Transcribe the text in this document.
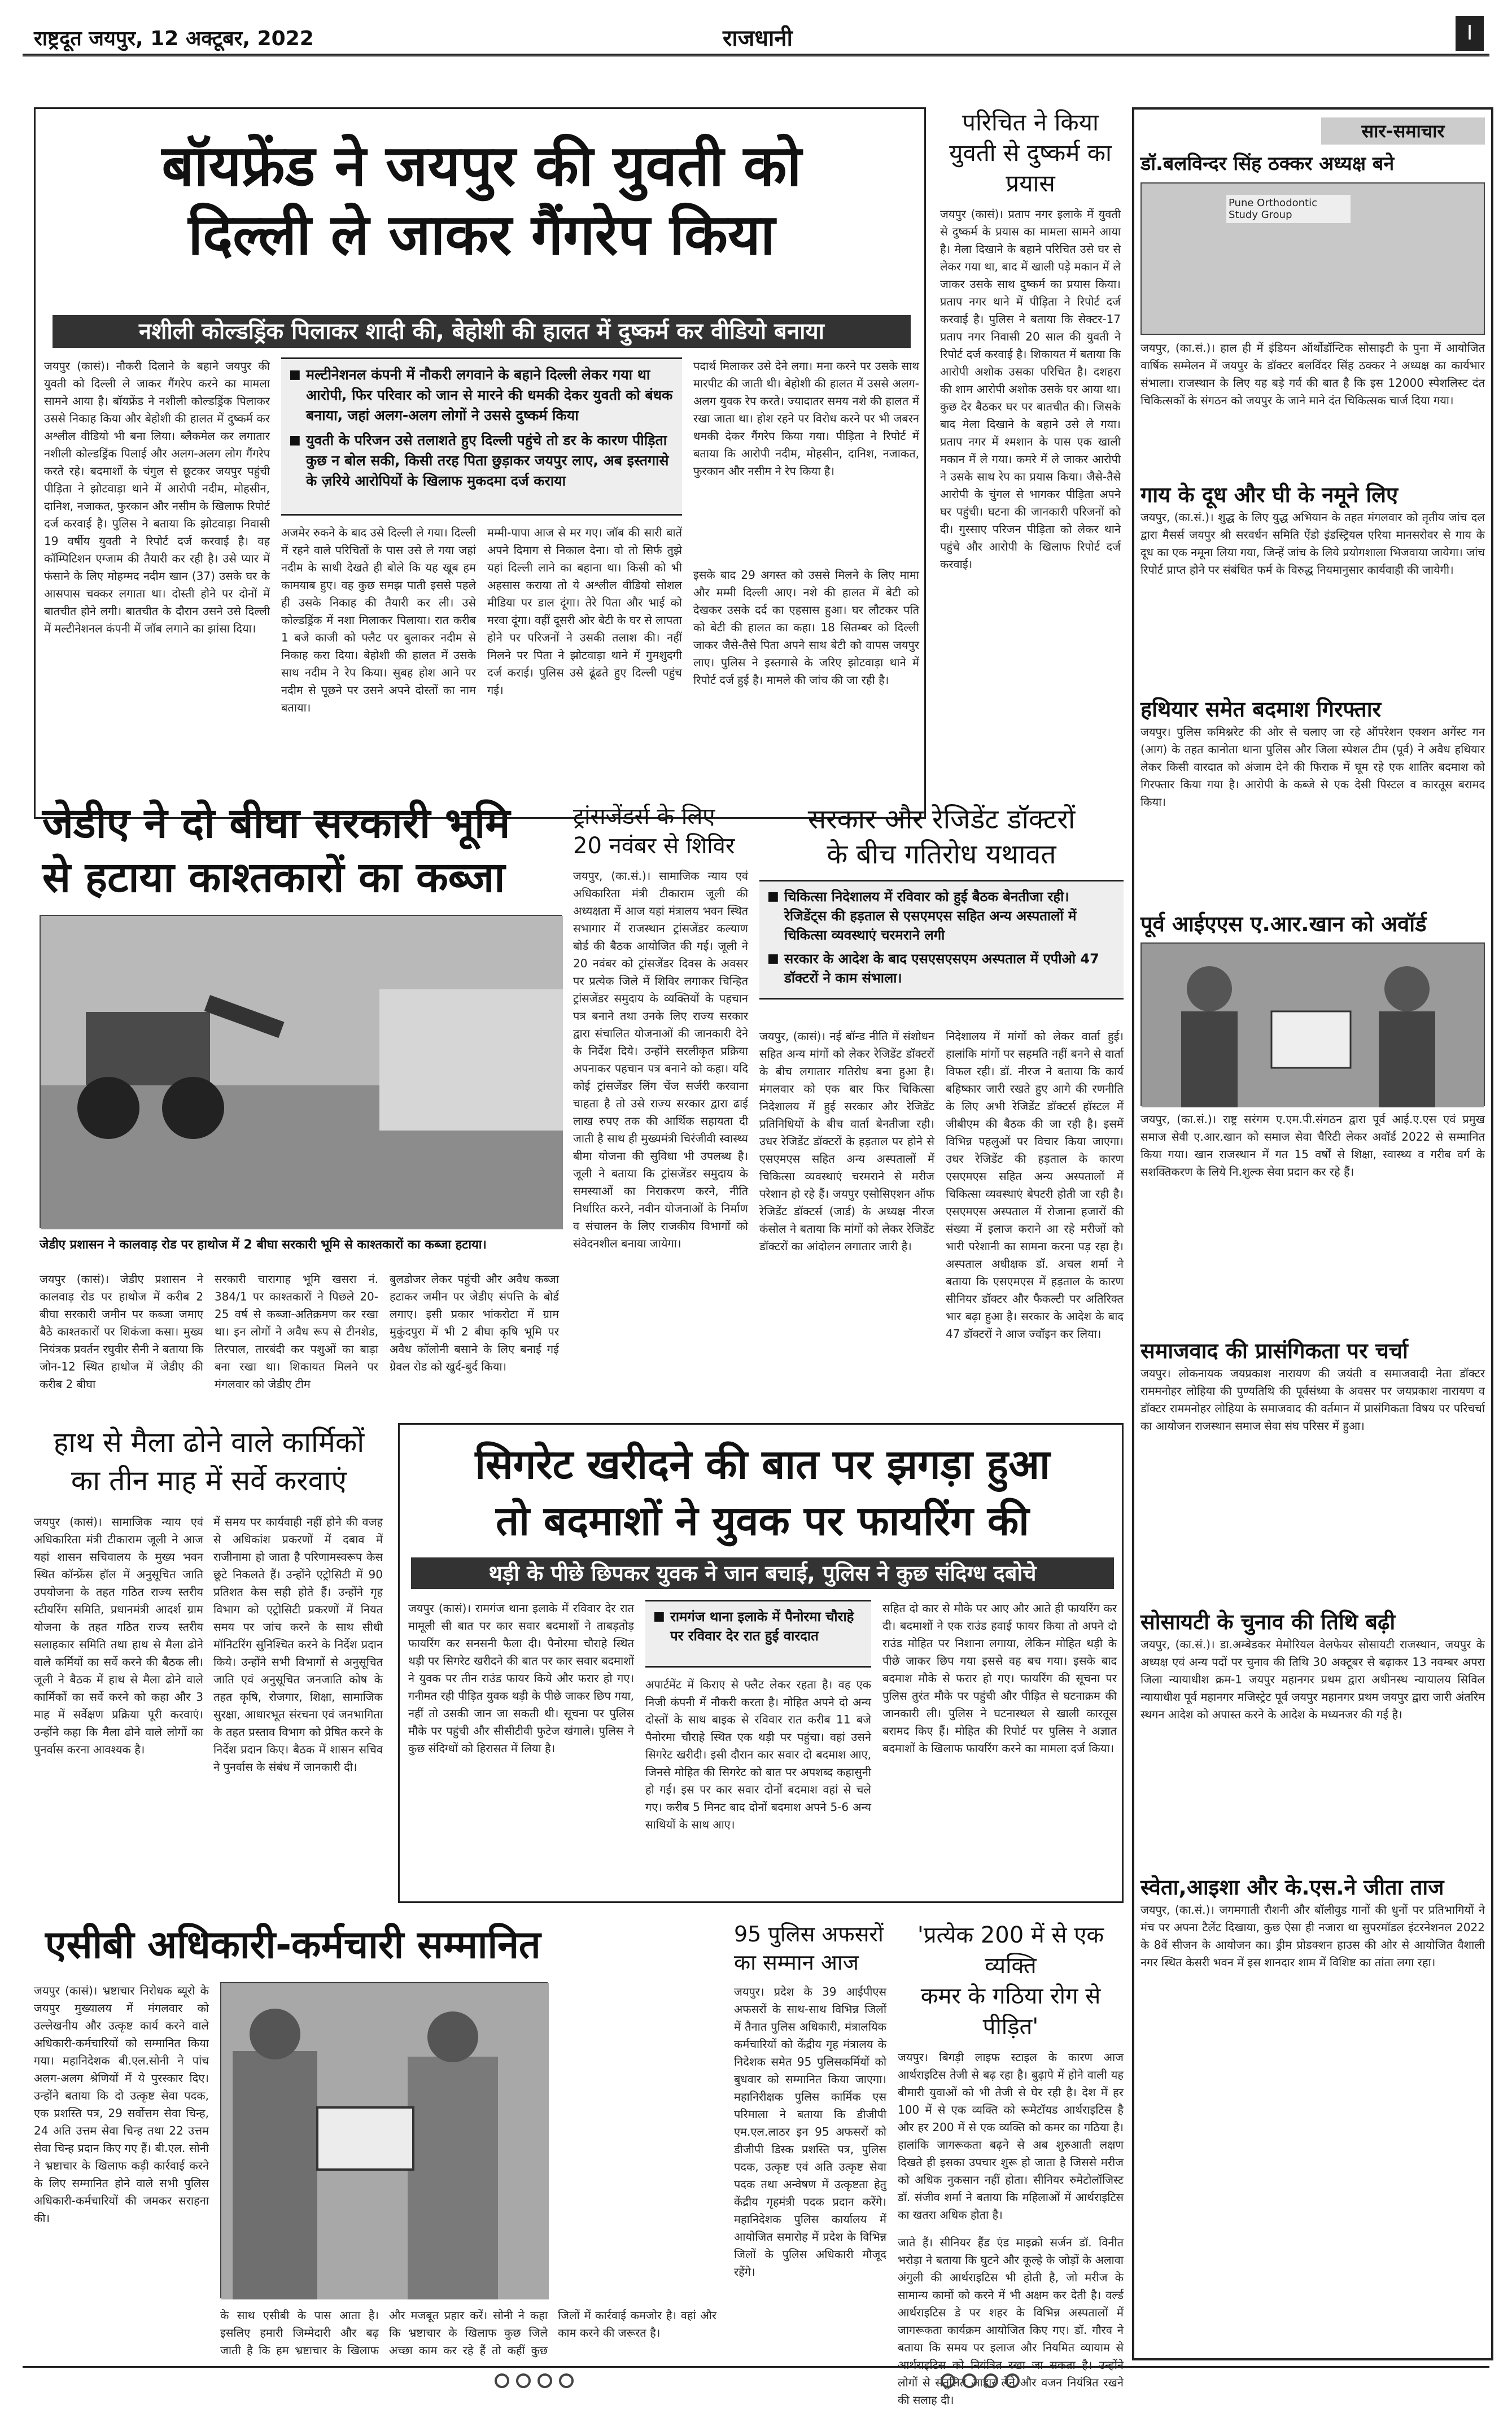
राष्ट्रदूत जयपुर, 12 अक्टूबर, 2022	राजधानी	I
बॉयफ्रेंड ने जयपुर की युवती को
दिल्ली ले जाकर गैंगरेप किया
नशीली कोल्डड्रिंक पिलाकर शादी की, बेहोशी की हालत में दुष्कर्म कर वीडियो बनाया
■ मल्टीनेशनल कंपनी में नौकरी लगवाने के बहाने दिल्ली लेकर गया था आरोपी, फिर परिवार को जान से मारने की धमकी देकर युवती को बंधक बनाया, जहां अलग-अलग लोगों ने उससे दुष्कर्म किया
■ युवती के परिजन उसे तलाशते हुए दिल्ली पहुंचे तो डर के कारण पीड़िता कुछ न बोल सकी, किसी तरह पिता छुड़ाकर जयपुर लाए, अब इस्तगासे के ज़रिये आरोपियों के खिलाफ मुकदमा दर्ज कराया
जयपुर (कासं)। नौकरी दिलाने के बहाने जयपुर की युवती को दिल्ली ले जाकर गैंगरेप करने का मामला सामने आया है। बॉयफ्रेंड ने नशीली कोल्डड्रिंक पिलाकर उससे निकाह किया और बेहोशी की हालत में दुष्कर्म कर अश्लील वीडियो भी बना लिया। ब्लैकमेल कर लगातार नशीली कोल्डड्रिंक पिलाई और अलग-अलग लोग गैंगरेप करते रहे। बदमाशों के चंगुल से छूटकर जयपुर पहुंची पीड़िता ने झोटवाड़ा थाने में आरोपी नदीम, मोहसीन, दानिश, नजाकत, फुरकान और नसीम के खिलाफ रिपोर्ट दर्ज करवाई है। पुलिस ने बताया कि झोटवाड़ा निवासी 19 वर्षीय युवती ने रिपोर्ट दर्ज करवाई है। वह कॉम्पिटिशन एग्जाम की तैयारी कर रही है। उसे प्यार में फंसाने के लिए मोहम्मद नदीम खान (37) उसके घर के आसपास चक्कर लगाता था। दोस्ती होने पर दोनों में बातचीत होने लगी। बातचीत के दौरान उसने उसे दिल्ली में मल्टीनेशनल कंपनी में जॉब लगाने का झांसा दिया।
अजमेर रुकने के बाद उसे दिल्ली ले गया। दिल्ली में रहने वाले परिचितों के पास उसे ले गया जहां नदीम के साथी देखते ही बोले कि यह खूब हम कामयाब हुए। वह कुछ समझ पाती इससे पहले ही उसके निकाह की तैयारी कर ली। उसे कोल्डड्रिंक में नशा मिलाकर पिलाया। रात करीब 1 बजे काजी को फ्लैट पर बुलाकर नदीम से निकाह करा दिया। बेहोशी की हालत में उसके साथ नदीम ने रेप किया। सुबह होश आने पर नदीम से पूछने पर उसने अपने दोस्तों का नाम बताया।
मम्मी-पापा आज से मर गए। जॉब की सारी बातें अपने दिमाग से निकाल देना। वो तो सिर्फ तुझे यहां दिल्ली लाने का बहाना था। किसी को भी अहसास कराया तो ये अश्लील वीडियो सोशल मीडिया पर डाल दूंगा। तेरे पिता और भाई को मरवा दूंगा। वहीं दूसरी ओर बेटी के घर से लापता होने पर परिजनों ने उसकी तलाश की। नहीं मिलने पर पिता ने झोटवाड़ा थाने में गुमशुदगी दर्ज कराई। पुलिस उसे ढूंढते हुए दिल्ली पहुंच गई।
पदार्थ मिलाकर उसे देने लगा। मना करने पर उसके साथ मारपीट की जाती थी। बेहोशी की हालत में उससे अलग-अलग युवक रेप करते। ज्यादातर समय नशे की हालत में रखा जाता था। होश रहने पर विरोध करने पर भी जबरन धमकी देकर गैंगरेप किया गया। पीड़िता ने रिपोर्ट में बताया कि आरोपी नदीम, मोहसीन, दानिश, नजाकत, फुरकान और नसीम ने रेप किया है।
इसके बाद 29 अगस्त को उससे मिलने के लिए मामा और मम्मी दिल्ली आए। नशे की हालत में बेटी को देखकर उसके दर्द का एहसास हुआ। घर लौटकर पति को बेटी की हालत का कहा। 18 सितम्बर को दिल्ली जाकर जैसे-तैसे पिता अपने साथ बेटी को वापस जयपुर लाए। पुलिस ने इस्तगासे के जरिए झोटवाड़ा थाने में रिपोर्ट दर्ज हुई है। मामले की जांच की जा रही है।
परिचित ने किया युवती से दुष्कर्म का प्रयास
जयपुर (कासं)। प्रताप नगर इलाके में युवती से दुष्कर्म के प्रयास का मामला सामने आया है। मेला दिखाने के बहाने परिचित उसे घर से लेकर गया था, बाद में खाली पड़े मकान में ले जाकर उसके साथ दुष्कर्म का प्रयास किया। प्रताप नगर थाने में पीड़िता ने रिपोर्ट दर्ज करवाई है। पुलिस ने बताया कि सेक्टर-17 प्रताप नगर निवासी 20 साल की युवती ने रिपोर्ट दर्ज करवाई है। शिकायत में बताया कि आरोपी अशोक उसका परिचित है। दशहरा की शाम आरोपी अशोक उसके घर आया था। कुछ देर बैठकर घर पर बातचीत की। जिसके बाद मेला दिखाने के बहाने उसे ले गया। प्रताप नगर में श्मशान के पास एक खाली मकान में ले गया। कमरे में ले जाकर आरोपी ने उसके साथ रेप का प्रयास किया। जैसे-तैसे आरोपी के चुंगल से भागकर पीड़िता अपने घर पहुंची। घटना की जानकारी परिजनों को दी। गुस्साए परिजन पीड़िता को लेकर थाने पहुंचे और आरोपी के खिलाफ रिपोर्ट दर्ज करवाई।
जेडीए ने दो बीघा सरकारी भूमि
से हटाया काश्तकारों का कब्जा
जेडीए प्रशासन ने कालवाड़ रोड पर हाथोज में 2 बीघा सरकारी भूमि से काश्तकारों का कब्जा हटाया।
जयपुर (कासं)। जेडीए प्रशासन ने कालवाड़ रोड पर हाथोज में करीब 2 बीघा सरकारी जमीन पर कब्जा जमाए बैठे काश्तकारों पर शिकंजा कसा। मुख्य नियंत्रक प्रवर्तन रघुवीर सैनी ने बताया कि जोन-12 स्थित हाथोज में जेडीए की करीब 2 बीघा
सरकारी चारागाह भूमि खसरा नं. 384/1 पर काश्तकारों ने पिछले 20-25 वर्ष से कब्जा-अतिक्रमण कर रखा था। इन लोगों ने अवैध रूप से टीनशेड, तिरपाल, तारबंदी कर पशुओं का बाड़ा बना रखा था। शिकायत मिलने पर मंगलवार को जेडीए टीम
बुलडोजर लेकर पहुंची और अवैध कब्जा हटाकर जमीन पर जेडीए संपत्ति के बोर्ड लगाए। इसी प्रकार भांकरोटा में ग्राम मुकुंदपुरा में भी 2 बीघा कृषि भूमि पर अवैध कॉलोनी बसाने के लिए बनाई गई ग्रेवल रोड को खुर्द-बुर्द किया।
ट्रांसजेंडर्स के लिए 20 नवंबर से शिविर
जयपुर, (का.सं.)। सामाजिक न्याय एवं अधिकारिता मंत्री टीकाराम जूली की अध्यक्षता में आज यहां मंत्रालय भवन स्थित सभागार में राजस्थान ट्रांसजेंडर कल्याण बोर्ड की बैठक आयोजित की गई। जूली ने 20 नवंबर को ट्रांसजेंडर दिवस के अवसर पर प्रत्येक जिले में शिविर लगाकर चिन्हित ट्रांसजेंडर समुदाय के व्यक्तियों के पहचान पत्र बनाने तथा उनके लिए राज्य सरकार द्वारा संचालित योजनाओं की जानकारी देने के निर्देश दिये। उन्होंने सरलीकृत प्रक्रिया अपनाकर पहचान पत्र बनाने को कहा। यदि कोई ट्रांसजेंडर लिंग चेंज सर्जरी करवाना चाहता है तो उसे राज्य सरकार द्वारा ढाई लाख रुपए तक की आर्थिक सहायता दी जाती है साथ ही मुख्यमंत्री चिरंजीवी स्वास्थ्य बीमा योजना की सुविधा भी उपलब्ध है। जूली ने बताया कि ट्रांसजेंडर समुदाय के समस्याओं का निराकरण करने, नीति निर्धारित करने, नवीन योजनाओं के निर्माण व संचालन के लिए राजकीय विभागों को संवेदनशील बनाया जायेगा।
सरकार और रेजिडेंट डॉक्टरों
के बीच गतिरोध यथावत
■ चिकित्सा निदेशालय में रविवार को हुई बैठक बेनतीजा रही। रेजिडेंट्स की हड़ताल से एसएमएस सहित अन्य अस्पतालों में चिकित्सा व्यवस्थाएं चरमराने लगी
■ सरकार के आदेश के बाद एसएसएसएम अस्पताल में एपीओ 47 डॉक्टरों ने काम संभाला।
जयपुर, (कासं)। नई बॉन्ड नीति में संशोधन सहित अन्य मांगों को लेकर रेजिडेंट डॉक्टरों के बीच लगातार गतिरोध बना हुआ है। मंगलवार को एक बार फिर चिकित्सा निदेशालय में हुई सरकार और रेजिडेंट प्रतिनिधियों के बीच वार्ता बेनतीजा रही। उधर रेजिडेंट डॉक्टरों के हड़ताल पर होने से एसएमएस सहित अन्य अस्पतालों में चिकित्सा व्यवस्थाएं चरमराने से मरीज परेशान हो रहे हैं। जयपुर एसोसिएशन ऑफ रेजिडेंट डॉक्टर्स (जार्ड) के अध्यक्ष नीरज कंसोल ने बताया कि मांगों को लेकर रेजिडेंट डॉक्टरों का आंदोलन लगातार जारी है।
निदेशालय में मांगों को लेकर वार्ता हुई। हालांकि मांगों पर सहमति नहीं बनने से वार्ता विफल रही। डॉ. नीरज ने बताया कि कार्य बहिष्कार जारी रखते हुए आगे की रणनीति के लिए अभी रेजिडेंट डॉक्टर्स हॉस्टल में जीबीएम की बैठक की जा रही है। इसमें विभिन्न पहलुओं पर विचार किया जाएगा। उधर रेजिडेंट की हड़ताल के कारण एसएमएस सहित अन्य अस्पतालों में चिकित्सा व्यवस्थाएं बेपटरी होती जा रही है। एसएमएस अस्पताल में रोजाना हजारों की संख्या में इलाज कराने आ रहे मरीजों को भारी परेशानी का सामना करना पड़ रहा है। अस्पताल अधीक्षक डॉ. अचल शर्मा ने बताया कि एसएमएस में हड़ताल के कारण सीनियर डॉक्टर और फैकल्टी पर अतिरिक्त भार बढ़ा हुआ है। सरकार के आदेश के बाद 47 डॉक्टरों ने आज ज्वॉइन कर लिया।
हाथ से मैला ढोने वाले कार्मिकों
का तीन माह में सर्वे करवाएं
जयपुर (कासं)। सामाजिक न्याय एवं अधिकारिता मंत्री टीकाराम जूली ने आज यहां शासन सचिवालय के मुख्य भवन स्थित कॉन्फ्रेंस हॉल में अनुसूचित जाति उपयोजना के तहत गठित राज्य स्तरीय स्टीयरिंग समिति, प्रधानमंत्री आदर्श ग्राम योजना के तहत गठित राज्य स्तरीय सलाहकार समिति तथा हाथ से मैला ढोने वाले कर्मियों का सर्वे करने की बैठक ली। जूली ने बैठक में हाथ से मैला ढोने वाले कार्मिकों का सर्वे करने को कहा और 3 माह में सर्वेक्षण प्रक्रिया पूरी करवाएं। उन्होंने कहा कि मैला ढोने वाले लोगों का पुनर्वास करना आवश्यक है।
में समय पर कार्यवाही नहीं होने की वजह से अधिकांश प्रकरणों में दबाव में राजीनामा हो जाता है परिणामस्वरूप केस छूटे निकलते हैं। उन्होंने एट्रोसिटी में 90 प्रतिशत केस सही होते हैं। उन्होंने गृह विभाग को एट्रोसिटी प्रकरणों में नियत समय पर जांच करने के साथ सीधी मॉनिटरिंग सुनिश्चित करने के निर्देश प्रदान किये। उन्होंने सभी विभागों से अनुसूचित जाति एवं अनुसूचित जनजाति कोष के तहत कृषि, रोजगार, शिक्षा, सामाजिक सुरक्षा, आधारभूत संरचना एवं जनभागिता के तहत प्रस्ताव विभाग को प्रेषित करने के निर्देश प्रदान किए। बैठक में शासन सचिव ने पुनर्वास के संबंध में जानकारी दी।
सिगरेट खरीदने की बात पर झगड़ा हुआ
तो बदमाशों ने युवक पर फायरिंग की
थड़ी के पीछे छिपकर युवक ने जान बचाई, पुलिस ने कुछ संदिग्ध दबोचे
जयपुर (कासं)। रामगंज थाना इलाके में रविवार देर रात मामूली सी बात पर कार सवार बदमाशों ने ताबड़तोड़ फायरिंग कर सनसनी फैला दी। पैनोरमा चौराहे स्थित थड़ी पर सिगरेट खरीदने की बात पर कार सवार बदमाशों ने युवक पर तीन राउंड फायर किये और फरार हो गए। गनीमत रही पीड़ित युवक थड़ी के पीछे जाकर छिप गया, नहीं तो उसकी जान जा सकती थी। सूचना पर पुलिस मौके पर पहुंची और सीसीटीवी फुटेज खंगाले। पुलिस ने कुछ संदिग्धों को हिरासत में लिया है।
■ रामगंज थाना इलाके में पैनोरमा चौराहे पर रविवार देर रात हुई वारदात
अपार्टमेंट में किराए से फ्लैट लेकर रहता है। वह एक निजी कंपनी में नौकरी करता है। मोहित अपने दो अन्य दोस्तों के साथ बाइक से रविवार रात करीब 11 बजे पैनोरमा चौराहे स्थित एक थड़ी पर पहुंचा। वहां उसने सिगरेट खरीदी। इसी दौरान कार सवार दो बदमाश आए, जिनसे मोहित की सिगरेट को बात पर अपशब्द कहासुनी हो गई। इस पर कार सवार दोनों बदमाश वहां से चले गए। करीब 5 मिनट बाद दोनों बदमाश अपने 5-6 अन्य साथियों के साथ आए।
सहित दो कार से मौके पर आए और आते ही फायरिंग कर दी। बदमाशों ने एक राउंड हवाई फायर किया तो अपने दो राउंड मोहित पर निशाना लगाया, लेकिन मोहित थड़ी के पीछे जाकर छिप गया इससे वह बच गया। इसके बाद बदमाश मौके से फरार हो गए। फायरिंग की सूचना पर पुलिस तुरंत मौके पर पहुंची और पीड़ित से घटनाक्रम की जानकारी ली। पुलिस ने घटनास्थल से खाली कारतूस बरामद किए हैं। मोहित की रिपोर्ट पर पुलिस ने अज्ञात बदमाशों के खिलाफ फायरिंग करने का मामला दर्ज किया।
एसीबी अधिकारी-कर्मचारी सम्मानित
जयपुर (कासं)। भ्रष्टाचार निरोधक ब्यूरो के जयपुर मुख्यालय में मंगलवार को उल्लेखनीय और उत्कृष्ट कार्य करने वाले अधिकारी-कर्मचारियों को सम्मानित किया गया। महानिदेशक बी.एल.सोनी ने पांच अलग-अलग श्रेणियों में ये पुरस्कार दिए। उन्होंने बताया कि दो उत्कृष्ट सेवा पदक, एक प्रशस्ति पत्र, 29 सर्वोत्तम सेवा चिन्ह, 24 अति उत्तम सेवा चिन्ह तथा 22 उत्तम सेवा चिन्ह प्रदान किए गए हैं। बी.एल. सोनी ने भ्रष्टाचार के खिलाफ कड़ी कार्रवाई करने के लिए सम्मानित होने वाले सभी पुलिस अधिकारी-कर्मचारियों की जमकर सराहना की।
के साथ एसीबी के पास आता है। इसलिए हमारी जिम्मेदारी और बढ़ जाती है कि हम भ्रष्टाचार के खिलाफ और मजबूत प्रहार करें। सोनी ने कहा कि भ्रष्टाचार के खिलाफ कुछ जिले अच्छा काम कर रहे हैं तो कहीं कुछ जिलों में कार्रवाई कमजोर है। वहां और काम करने की जरूरत है।
95 पुलिस अफसरों का सम्मान आज
जयपुर। प्रदेश के 39 आईपीएस अफसरों के साथ-साथ विभिन्न जिलों में तैनात पुलिस अधिकारी, मंत्रालयिक कर्मचारियों को केंद्रीय गृह मंत्रालय के निदेशक समेत 95 पुलिसकर्मियों को बुधवार को सम्मानित किया जाएगा। महानिरीक्षक पुलिस कार्मिक एस परिमाला ने बताया कि डीजीपी एम.एल.लाठर इन 95 अफसरों को डीजीपी डिस्क प्रशस्ति पत्र, पुलिस पदक, उत्कृष्ट एवं अति उत्कृष्ट सेवा पदक तथा अन्वेषण में उत्कृष्टता हेतु केंद्रीय गृहमंत्री पदक प्रदान करेंगे। महानिदेशक पुलिस कार्यालय में आयोजित समारोह में प्रदेश के विभिन्न जिलों के पुलिस अधिकारी मौजूद रहेंगे।
'प्रत्येक 200 में से एक व्यक्ति
कमर के गठिया रोग से पीड़ित'
जयपुर। बिगड़ी लाइफ स्टाइल के कारण आज आर्थराइटिस तेजी से बढ़ रहा है। बुढ़ापे में होने वाली यह बीमारी युवाओं को भी तेजी से घेर रही है। देश में हर 100 में से एक व्यक्ति को रूमेटॉयड आर्थराइटिस है और हर 200 में से एक व्यक्ति को कमर का गठिया है। हालांकि जागरूकता बढ़ने से अब शुरुआती लक्षण दिखते ही इसका उपचार शुरू हो जाता है जिससे मरीज को अधिक नुकसान नहीं होता। सीनियर रुमेटोलॉजिस्ट डॉ. संजीव शर्मा ने बताया कि महिलाओं में आर्थराइटिस का खतरा अधिक होता है।
जाते हैं। सीनियर हैंड एंड माइक्रो सर्जन डॉ. विनीत भरोड़ा ने बताया कि घुटने और कूल्हे के जोड़ों के अलावा अंगुली की आर्थराइटिस भी होती है, जो मरीज के सामान्य कामों को करने में भी अक्षम कर देती है। वर्ल्ड आर्थराइटिस डे पर शहर के विभिन्न अस्पतालों में जागरूकता कार्यक्रम आयोजित किए गए। डॉ. गौरव ने बताया कि समय पर इलाज और नियमित व्यायाम से आर्थराइटिस को नियंत्रित रखा जा सकता है। उन्होंने लोगों से संतुलित आहार लेने और वजन नियंत्रित रखने की सलाह दी।
सार-समाचार
डॉ.बलविन्दर सिंह ठक्कर अध्यक्ष बने
Pune Orthodontic Study Group
जयपुर, (का.सं.)। हाल ही में इंडियन ऑर्थोडॉन्टिक सोसाइटी के पुना में आयोजित वार्षिक सम्मेलन में जयपुर के डॉक्टर बलविंदर सिंह ठक्कर ने अध्यक्ष का कार्यभार संभाला। राजस्थान के लिए यह बड़े गर्व की बात है कि इस 12000 स्पेशलिस्ट दंत चिकित्सकों के संगठन को जयपुर के जाने माने दंत चिकित्सक चार्ज दिया गया।
गाय के दूध और घी के नमूने लिए
जयपुर, (का.सं.)। शुद्ध के लिए युद्ध अभियान के तहत मंगलवार को तृतीय जांच दल द्वारा मैसर्स जयपुर श्री सरवर्धन समिति ऐंडो इंडस्ट्रियल एरिया मानसरोवर से गाय के दूध का एक नमूना लिया गया, जिन्हें जांच के लिये प्रयोगशाला भिजवाया जायेगा। जांच रिपोर्ट प्राप्त होने पर संबंधित फर्म के विरुद्ध नियमानुसार कार्यवाही की जायेगी।
हथियार समेत बदमाश गिरफ्तार
जयपुर। पुलिस कमिश्नरेट की ओर से चलाए जा रहे ऑपरेशन एक्शन अगेंस्ट गन (आग) के तहत कानोता थाना पुलिस और जिला स्पेशल टीम (पूर्व) ने अवैध हथियार लेकर किसी वारदात को अंजाम देने की फिराक में घूम रहे एक शातिर बदमाश को गिरफ्तार किया गया है। आरोपी के कब्जे से एक देसी पिस्टल व कारतूस बरामद किया।
पूर्व आईएएस ए.आर.खान को अवॉर्ड
जयपुर, (का.सं.)। राष्ट्र सरंगम ए.एम.पी.संगठन द्वारा पूर्व आई.ए.एस एवं प्रमुख समाज सेवी ए.आर.खान को समाज सेवा चैरिटी लेकर अवॉर्ड 2022 से सम्मानित किया गया। खान राजस्थान में गत 15 वर्षों से शिक्षा, स्वास्थ्य व गरीब वर्ग के सशक्तिकरण के लिये नि.शुल्क सेवा प्रदान कर रहे हैं।
समाजवाद की प्रासंगिकता पर चर्चा
जयपुर। लोकनायक जयप्रकाश नारायण की जयंती व समाजवादी नेता डॉक्टर राममनोहर लोहिया की पुण्यतिथि की पूर्वसंध्या के अवसर पर जयप्रकाश नारायण व डॉक्टर राममनोहर लोहिया के समाजवाद की वर्तमान में प्रासंगिकता विषय पर परिचर्चा का आयोजन राजस्थान समाज सेवा संघ परिसर में हुआ।
सोसायटी के चुनाव की तिथि बढ़ी
जयपुर, (का.सं.)। डा.अम्बेडकर मेमोरियल वेलफेयर सोसायटी राजस्थान, जयपुर के अध्यक्ष एवं अन्य पदों पर चुनाव की तिथि 30 अक्टूबर से बढ़ाकर 13 नवम्बर अपरा जिला न्यायाधीश क्रम-1 जयपुर महानगर प्रथम द्वारा अधीनस्थ न्यायालय सिविल न्यायाधीश पूर्व महानगर मजिस्ट्रेट पूर्व जयपुर महानगर प्रथम जयपुर द्वारा जारी अंतरिम स्थगन आदेश को अपास्त करने के आदेश के मध्यनजर की गई है।
स्वेता,आइशा और के.एस.ने जीता ताज
जयपुर, (का.सं.)। जगमगाती रौशनी और बॉलीवुड गानों की धुनों पर प्रतिभागियों ने मंच पर अपना टैलेंट दिखाया, कुछ ऐसा ही नजारा था सुपरमॉडल इंटरनेशनल 2022 के 8वें सीजन के आयोजन का। ड्रीम प्रोडक्शन हाउस की ओर से आयोजित वैशाली नगर स्थित केसरी भवन में इस शानदार शाम में विशिष्ट का तांता लगा रहा।
